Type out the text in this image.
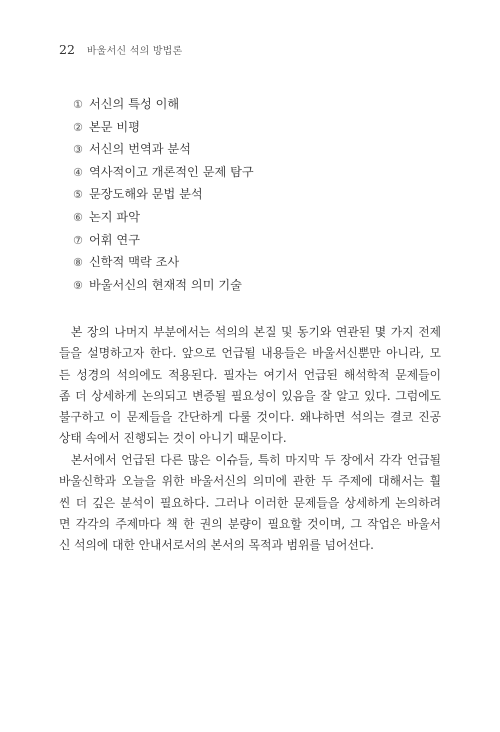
22 바울서신 석의 방법론
① 서신의 특성 이해
② 본문 비평
③ 서신의 번역과 분석
④ 역사적이고 개론적인 문제 탐구
⑤ 문장도해와 문법 분석
⑥ 논지 파악
⑦ 어휘 연구
⑧ 신학적 맥락 조사
⑨ 바울서신의 현재적 의미 기술

본 장의 나머지 부분에서는 석의의 본질 및 동기와 연관된 몇 가지 전제
들을 설명하고자 한다. 앞으로 언급될 내용들은 바울서신뿐만 아니라, 모
든 성경의 석의에도 적용된다. 필자는 여기서 언급된 해석학적 문제들이
좀 더 상세하게 논의되고 변증될 필요성이 있음을 잘 알고 있다. 그럼에도
불구하고 이 문제들을 간단하게 다룰 것이다. 왜냐하면 석의는 결코 진공
상태 속에서 진행되는 것이 아니기 때문이다.

본서에서 언급된 다른 많은 이슈들, 특히 마지막 두 장에서 각각 언급될
바울신학과 오늘을 위한 바울서신의 의미에 관한 두 주제에 대해서는 훨
씬 더 깊은 분석이 필요하다. 그러나 이러한 문제들을 상세하게 논의하려
면 각각의 주제마다 책 한 권의 분량이 필요할 것이며, 그 작업은 바울서
신 석의에 대한 안내서로서의 본서의 목적과 범위를 넘어선다.
